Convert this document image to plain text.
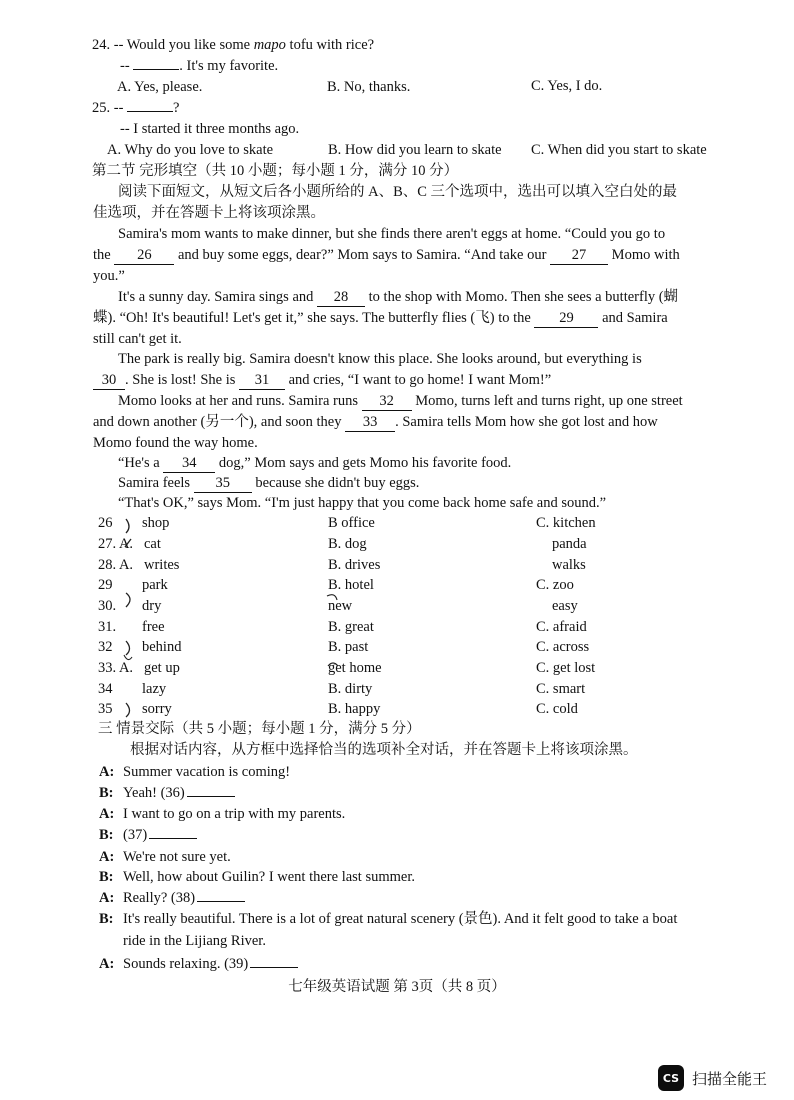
24. -- Would you like some mapo tofu with rice?
--	. It's my favorite.
A. Yes, please.	B. No, thanks.	C. Yes, I do.
25. --	?
-- I started it three months ago.
A. Why do you love to skate	B. How did you learn to skate C. When did you start to skate
第二节 完形填空（共 10 小题；每小题 1 分，满分 10 分）
阅读下面短文，从短文后各小题所给的 A、B、C 三个选项中，选出可以填入空白处的最
佳选项，并在答题卡上将该项涂黑。
Samira's mom wants to make dinner, but she finds there aren't eggs at home. “Could you go to
the 26 and buy some eggs, dear?” Mom says to Samira. “And take our 27 Momo with
you.”
It's a sunny day. Samira sings and 28 to the shop with Momo. Then she sees a butterfly (蝴
蝶). “Oh! It's beautiful! Let's get it,” she says. The butterfly flies (飞) to the 29 and Samira
still can't get it.
The park is really big. Samira doesn't know this place. She looks around, but everything is
30 . She is lost! She is 31 and cries, “I want to go home! I want Mom!”
Momo looks at her and runs. Samira runs 32 Momo, turns left and turns right, up one street
and down another (另一个), and soon they 33 . Samira tells Mom how she got lost and how
Momo found the way home.
“He's a 34 dog,” Mom says and gets Momo his favorite food.
Samira feels 35 because she didn't buy eggs.
“That's OK,” says Mom. “I'm just happy that you come back home safe and sound.”
26 shop	B office	C. kitchen
27. A. cat	B. dog	panda
28. A. writes	B. drives	walks
29 park	B. hotel	C. zoo
30. dry	new	easy
31. free	B. great	C. afraid
32 behind	B. past	C. across
33. A. get up	get home	C. get lost
34 lazy	B. dirty	C. smart
35 sorry	B. happy	C. cold
三 情景交际（共 5 小题；每小题 1 分，满分 5 分）
根据对话内容，从方框中选择恰当的选项补全对话，并在答题卡上将该项涂黑。
A: Summer vacation is coming!
B: Yeah! (36)
A: I want to go on a trip with my parents.
B: (37)
A: We're not sure yet.
B: Well, how about Guilin? I went there last summer.
A: Really? (38)
B: It's really beautiful. There is a lot of great natural scenery (景色). And it felt good to take a boat
ride in the Lijiang River.
A: Sounds relaxing. (39)
七年级英语试题 第 3页（共 8 页）
CS 扫描全能王
